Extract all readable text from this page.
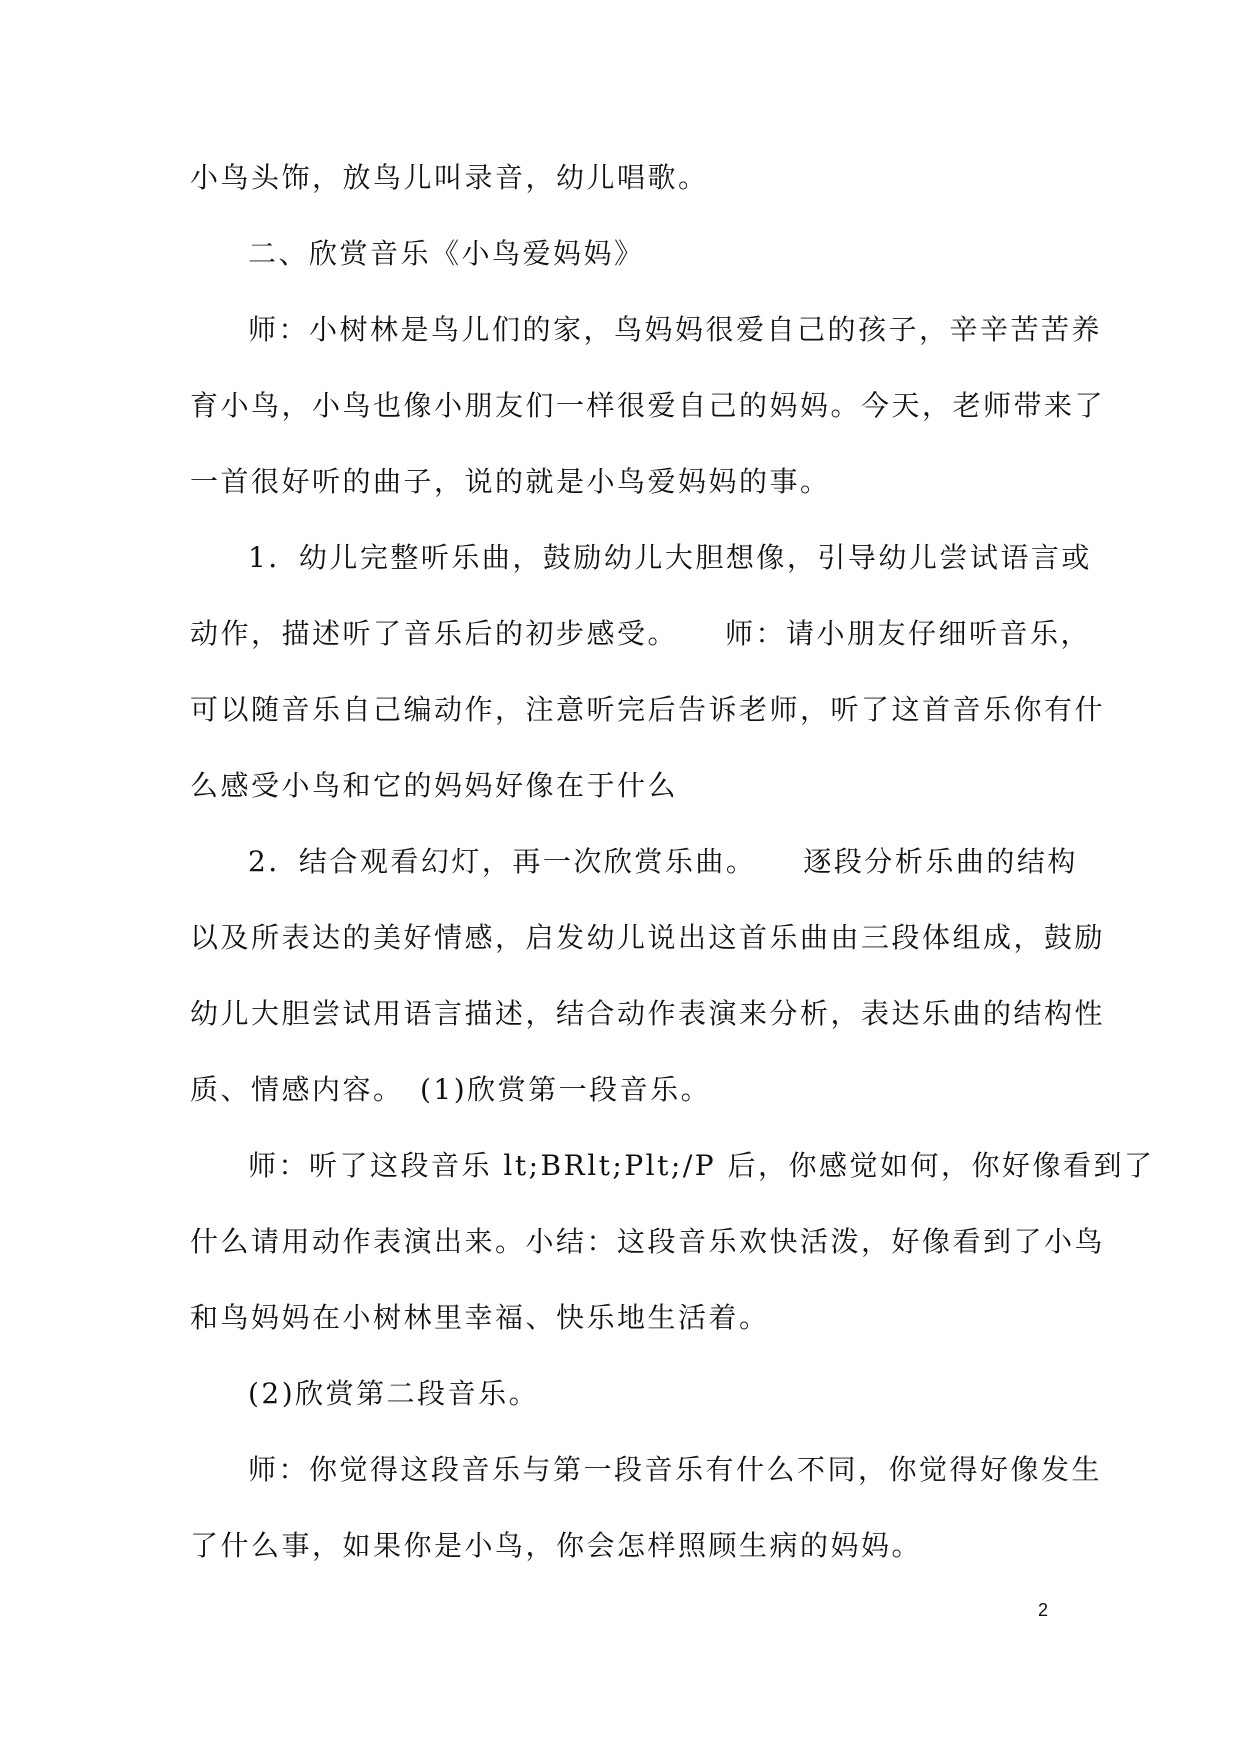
小鸟头饰，放鸟儿叫录音，幼儿唱歌。
二、欣赏音乐《小鸟爱妈妈》
师：小树林是鸟儿们的家，鸟妈妈很爱自己的孩子，辛辛苦苦养
育小鸟，小鸟也像小朋友们一样很爱自己的妈妈。今天，老师带来了
一首很好听的曲子，说的就是小鸟爱妈妈的事。
1．幼儿完整听乐曲，鼓励幼儿大胆想像，引导幼儿尝试语言或
动作，描述听了音乐后的初步感受。　　师：请小朋友仔细听音乐，
可以随音乐自己编动作，注意听完后告诉老师，听了这首音乐你有什
么感受小鸟和它的妈妈好像在于什么
2．结合观看幻灯，再一次欣赏乐曲。　　逐段分析乐曲的结构
以及所表达的美好情感，启发幼儿说出这首乐曲由三段体组成，鼓励
幼儿大胆尝试用语言描述，结合动作表演来分析，表达乐曲的结构性
质、情感内容。　(1)欣赏第一段音乐。
师：听了这段音乐 lt;BRlt;Plt;/P 后，你感觉如何，你好像看到了
什么请用动作表演出来。小结：这段音乐欢快活泼，好像看到了小鸟
和鸟妈妈在小树林里幸福、快乐地生活着。
(2)欣赏第二段音乐。
师：你觉得这段音乐与第一段音乐有什么不同，你觉得好像发生
了什么事，如果你是小鸟，你会怎样照顾生病的妈妈。
2
